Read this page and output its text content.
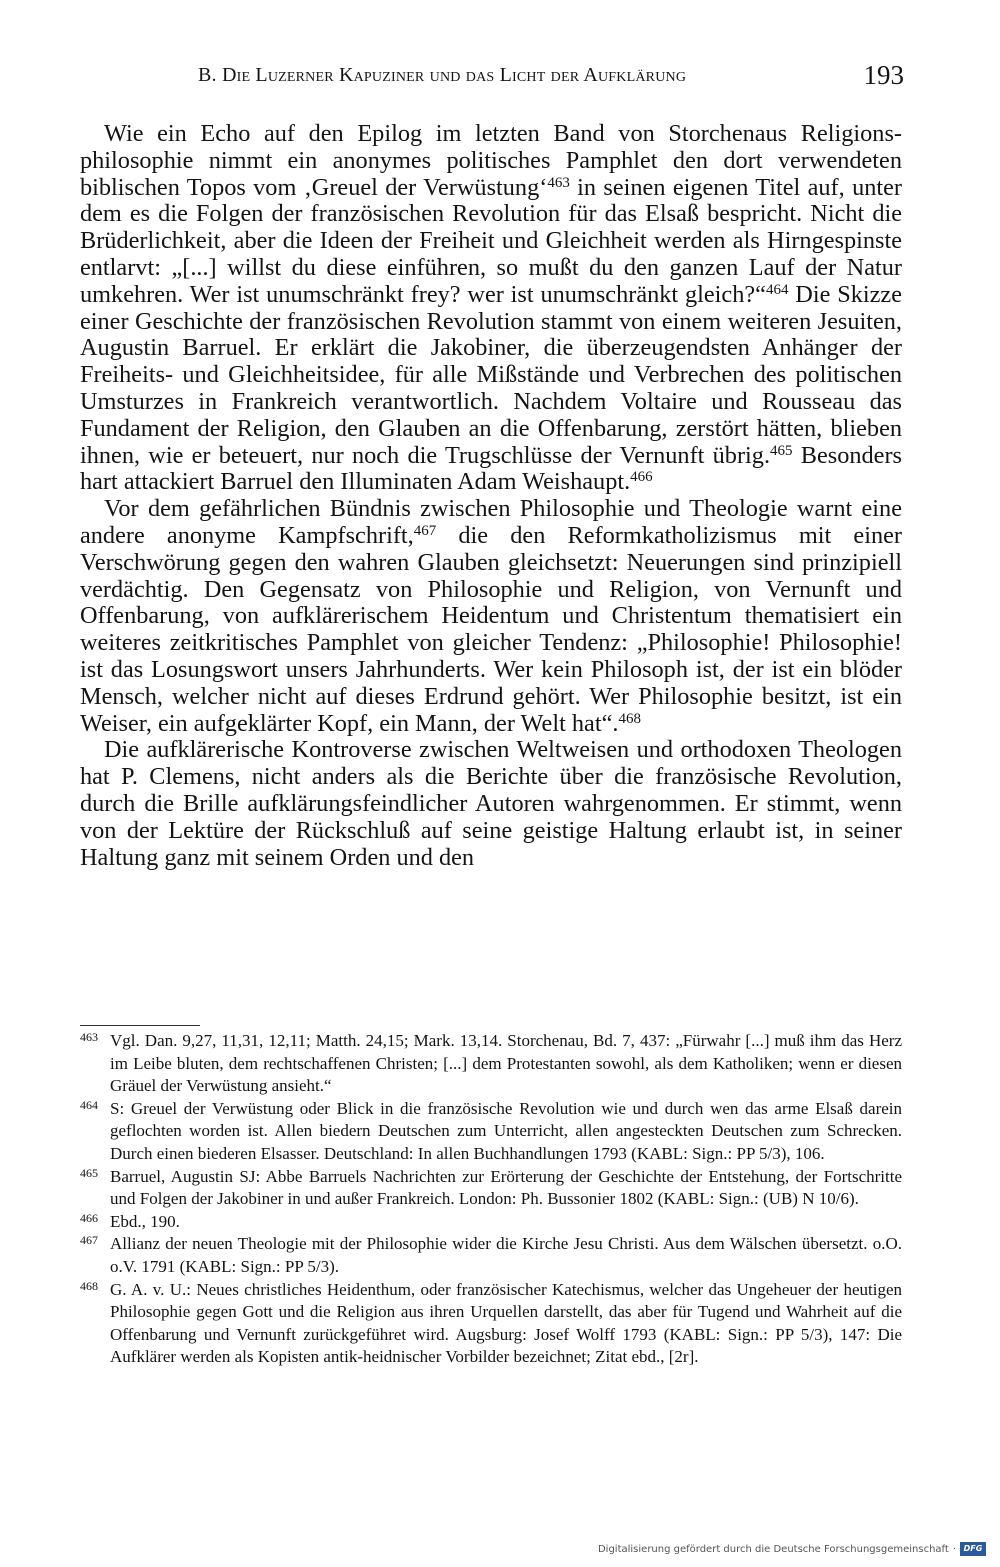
B. Die Luzerner Kapuziner und das Licht der Aufklärung	193

Wie ein Echo auf den Epilog im letzten Band von Storchenaus Religionsphilosophie nimmt ein anonymes politisches Pamphlet den dort verwendeten biblischen Topos vom ‚Greuel der Verwüstung‘$^{463}$ in seinen eigenen Titel auf, unter dem es die Folgen der französischen Revolution für das Elsaß bespricht. Nicht die Brüderlichkeit, aber die Ideen der Freiheit und Gleichheit werden als Hirngespinste entlarvt: „[...] willst du diese einführen, so mußt du den ganzen Lauf der Natur umkehren. Wer ist unumschränkt frey? wer ist unumschränkt gleich?“$^{464}$ Die Skizze einer Geschichte der französischen Revolution stammt von einem weiteren Jesuiten, Augustin Barruel. Er erklärt die Jakobiner, die überzeugendsten Anhänger der Freiheits- und Gleichheitsidee, für alle Mißstände und Verbrechen des politischen Umsturzes in Frankreich verantwortlich. Nachdem Voltaire und Rousseau das Fundament der Religion, den Glauben an die Offenbarung, zerstört hätten, blieben ihnen, wie er beteuert, nur noch die Trugschlüsse der Vernunft übrig.$^{465}$ Besonders hart attackiert Barruel den Illuminaten Adam Weishaupt.$^{466}$

Vor dem gefährlichen Bündnis zwischen Philosophie und Theologie warnt eine andere anonyme Kampfschrift,$^{467}$ die den Reformkatholizismus mit einer Verschwörung gegen den wahren Glauben gleichsetzt: Neuerungen sind prinzipiell verdächtig. Den Gegensatz von Philosophie und Religion, von Vernunft und Offenbarung, von aufklärerischem Heidentum und Christentum thematisiert ein weiteres zeitkritisches Pamphlet von gleicher Tendenz: „Philosophie! Philosophie! ist das Losungswort unsers Jahrhunderts. Wer kein Philosoph ist, der ist ein blöder Mensch, welcher nicht auf dieses Erdrund gehört. Wer Philosophie besitzt, ist ein Weiser, ein aufgeklärter Kopf, ein Mann, der Welt hat“.$^{468}$

Die aufklärerische Kontroverse zwischen Weltweisen und orthodoxen Theologen hat P. Clemens, nicht anders als die Berichte über die französische Revolution, durch die Brille aufklärungsfeindlicher Autoren wahrgenommen. Er stimmt, wenn von der Lektüre der Rückschluß auf seine geistige Haltung erlaubt ist, in seiner Haltung ganz mit seinem Orden und den

463 Vgl. Dan. 9,27, 11,31, 12,11; Matth. 24,15; Mark. 13,14. Storchenau, Bd. 7, 437: „Fürwahr [...] muß ihm das Herz im Leibe bluten, dem rechtschaffenen Christen; [...] dem Protestanten sowohl, als dem Katholiken; wenn er diesen Gräuel der Verwüstung ansieht.“
464 S: Greuel der Verwüstung oder Blick in die französische Revolution wie und durch wen das arme Elsaß darein geflochten worden ist. Allen biedern Deutschen zum Unterricht, allen angesteckten Deutschen zum Schrecken. Durch einen biederen Elsasser. Deutschland: In allen Buchhandlungen 1793 (KABL: Sign.: PP 5/3), 106.
465 Barruel, Augustin SJ: Abbe Barruels Nachrichten zur Erörterung der Geschichte der Entstehung, der Fortschritte und Folgen der Jakobiner in und außer Frankreich. London: Ph. Bussonier 1802 (KABL: Sign.: (UB) N 10/6).
466 Ebd., 190.
467 Allianz der neuen Theologie mit der Philosophie wider die Kirche Jesu Christi. Aus dem Wälschen übersetzt. o.O. o.V. 1791 (KABL: Sign.: PP 5/3).
468 G. A. v. U.: Neues christliches Heidenthum, oder französischer Katechismus, welcher das Ungeheuer der heutigen Philosophie gegen Gott und die Religion aus ihren Urquellen darstellt, das aber für Tugend und Wahrheit auf die Offenbarung und Vernunft zurückgeführet wird. Augsburg: Josef Wolff 1793 (KABL: Sign.: PP 5/3), 147: Die Aufklärer werden als Kopisten antik-heidnischer Vorbilder bezeichnet; Zitat ebd., [2r].
Digitalisierung gefördert durch die Deutsche Forschungsgemeinschaft · DFG
